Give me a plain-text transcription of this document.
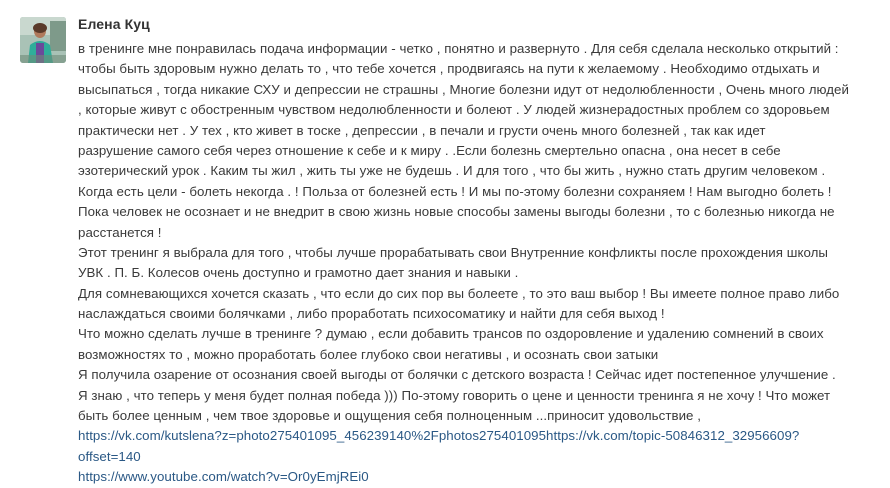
Елена Куц
в тренинге мне понравилась подача информации - четко , понятно и развернуто . Для себя сделала несколько открытий :
чтобы быть здоровым нужно делать то , что тебе хочется , продвигаясь на пути к желаемому . Необходимо отдыхать и
высыпаться , тогда никакие СХУ и депрессии не страшны , Многие болезни идут от недолюбленности , Очень много людей
, которые живут с обостренным чувством недолюбленности и болеют . У людей жизнерадостных проблем со здоровьем
практически нет . У тех , кто живет в тоске , депрессии , в печали и грусти очень много болезней , так как идет
разрушение самого себя через отношение к себе и к миру . .Если болезнь смертельно опасна , она несет в себе
эзотерический урок . Каким ты жил , жить ты уже не будешь . И для того , что бы жить , нужно стать другим человеком .
Когда есть цели - болеть некогда . ! Польза от болезней есть ! И мы по-этому болезни сохраняем ! Нам выгодно болеть !
Пока человек не осознает и не внедрит в свою жизнь новые способы замены выгоды болезни , то с болезнью никогда не
расстанется !
Этот тренинг я выбрала для того , чтобы лучше прорабатывать свои Внутренние конфликты после прохождения школы
УВК . П. Б. Колесов очень доступно и грамотно дает знания и навыки .
Для сомневающихся хочется сказать , что если до сих пор вы болеете , то это ваш выбор ! Вы имеете полное право либо
наслаждаться своими болячками , либо проработать психосоматику и найти для себя выход !
Что можно сделать лучше в тренинге ? думаю , если добавить трансов по оздоровление и удалению сомнений в своих
возможностях то , можно проработать более глубоко свои негативы , и осознать свои затыки
Я получила озарение от осознания своей выгоды от болячки с детского возраста ! Сейчас идет постепенное улучшение .
Я знаю , что теперь у меня будет полная победа ))) По-этому говорить о цене и ценности тренинга я не хочу ! Что может
быть более ценным , чем твое здоровье и ощущения себя полноценным ...приносит удовольствие ,
https://vk.com/kutslena?z=photo275401095_456239140%2Fphotos275401095https://vk.com/topic-50846312_32956609?
offset=140
https://www.youtube.com/watch?v=Or0yEmjREi0
